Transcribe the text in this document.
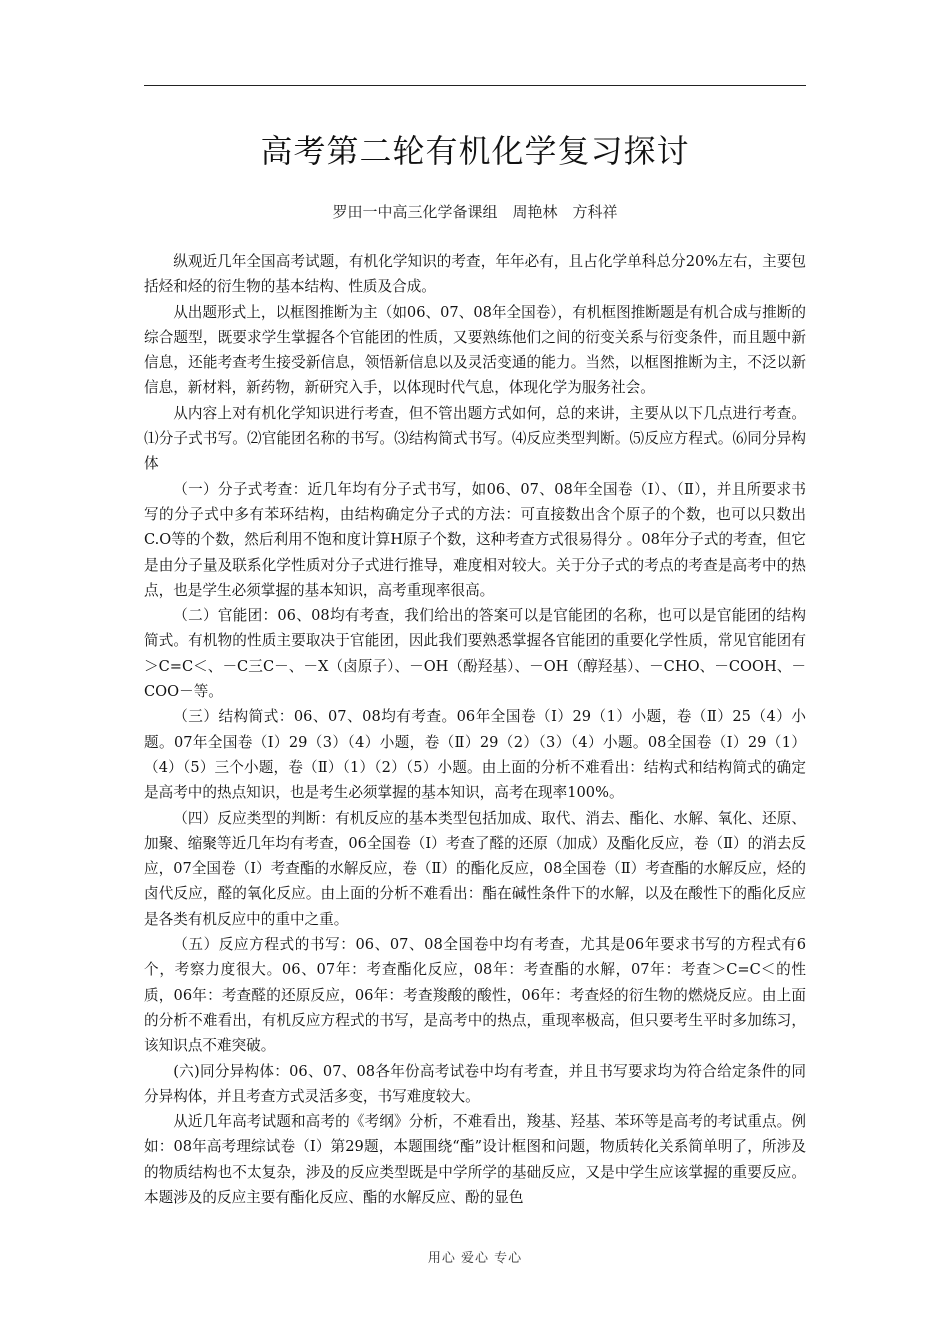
高考第二轮有机化学复习探讨
罗田一中高三化学备课组　周艳林　方科祥

纵观近几年全国高考试题，有机化学知识的考查，年年必有，且占化学单科总分20%左右，主要包括烃和烃的衍生物的基本结构、性质及合成。

从出题形式上，以框图推断为主（如06、07、08年全国卷），有机框图推断题是有机合成与推断的综合题型，既要求学生掌握各个官能团的性质，又要熟练他们之间的衍变关系与衍变条件，而且题中新信息，还能考查考生接受新信息，领悟新信息以及灵活变通的能力。当然，以框图推断为主，不泛以新信息，新材料，新药物，新研究入手，以体现时代气息，体现化学为服务社会。

从内容上对有机化学知识进行考查，但不管出题方式如何，总的来讲，主要从以下几点进行考查。⑴分子式书写。⑵官能团名称的书写。⑶结构简式书写。⑷反应类型判断。⑸反应方程式。⑹同分异构体

（一）分子式考查：近几年均有分子式书写，如06、07、08年全国卷（Ⅰ）、（Ⅱ），并且所要求书写的分子式中多有苯环结构，由结构确定分子式的方法：可直接数出含个原子的个数，也可以只数出C.O等的个数，然后利用不饱和度计算H原子个数，这种考查方式很易得分 。08年分子式的考查，但它是由分子量及联系化学性质对分子式进行推导，难度相对较大。关于分子式的考点的考查是高考中的热点，也是学生必须掌握的基本知识，高考重现率很高。

（二）官能团：06、08均有考查，我们给出的答案可以是官能团的名称，也可以是官能团的结构简式。有机物的性质主要取决于官能团，因此我们要熟悉掌握各官能团的重要化学性质，常见官能团有＞C=C＜、－C三C－、－X（卤原子）、－OH（酚羟基）、－OH（醇羟基）、－CHO、－COOH、－COO－等。

（三）结构简式：06、07、08均有考查。06年全国卷（Ⅰ）29（1）小题，卷（Ⅱ）25（4）小题。07年全国卷（Ⅰ）29（3）（4）小题，卷（Ⅱ）29（2）（3）（4）小题。08全国卷（Ⅰ）29（1）（4）（5）三个小题，卷（Ⅱ）（1）（2）（5）小题。由上面的分析不难看出：结构式和结构简式的确定是高考中的热点知识，也是考生必须掌握的基本知识，高考在现率100%。

（四）反应类型的判断：有机反应的基本类型包括加成、取代、消去、酯化、水解、氧化、还原、加聚、缩聚等近几年均有考查，06全国卷（Ⅰ）考查了醛的还原（加成）及酯化反应，卷（Ⅱ）的消去反应，07全国卷（Ⅰ）考查酯的水解反应，卷（Ⅱ）的酯化反应，08全国卷（Ⅱ）考查酯的水解反应，烃的卤代反应，醛的氧化反应。由上面的分析不难看出：酯在碱性条件下的水解，以及在酸性下的酯化反应是各类有机反应中的重中之重。

（五）反应方程式的书写：06、07、08全国卷中均有考查，尤其是06年要求书写的方程式有6个，考察力度很大。06、07年：考查酯化反应，08年：考查酯的水解，07年：考查＞C=C＜的性质，06年：考查醛的还原反应，06年：考查羧酸的酸性，06年：考查烃的衍生物的燃烧反应。由上面的分析不难看出，有机反应方程式的书写，是高考中的热点，重现率极高，但只要考生平时多加练习，该知识点不难突破。

(六)同分异构体：06、07、08各年份高考试卷中均有考查，并且书写要求均为符合给定条件的同分异构体，并且考查方式灵活多变，书写难度较大。

从近几年高考试题和高考的《考纲》分析，不难看出，羧基、羟基、苯环等是高考的考试重点。例如：08年高考理综试卷（Ⅰ）第29题，本题围绕“酯”设计框图和问题，物质转化关系简单明了，所涉及的物质结构也不太复杂，涉及的反应类型既是中学所学的基础反应，又是中学生应该掌握的重要反应。本题涉及的反应主要有酯化反应、酯的水解反应、酚的显色

用心 爱心 专心
